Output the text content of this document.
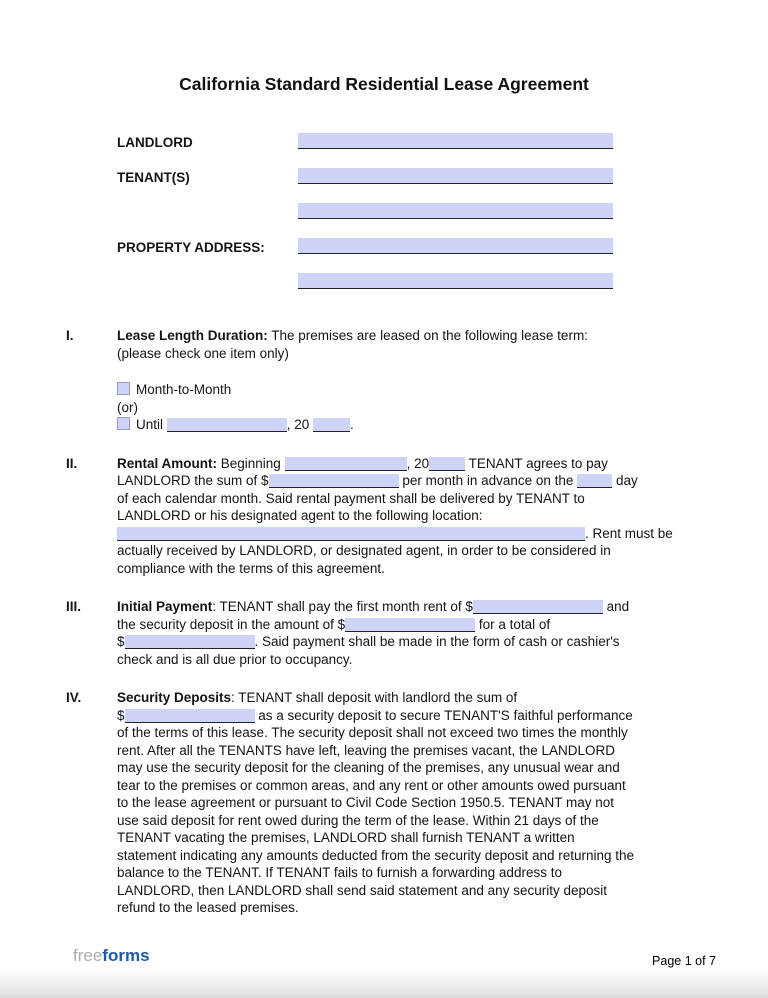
California Standard Residential Lease Agreement
LANDLORD
TENANT(S)
PROPERTY ADDRESS:
I.	Lease Length Duration: The premises are leased on the following lease term:
(please check one item only)
Month-to-Month
(or)
Until	, 20	.
II.	Rental Amount: Beginning	, 20	TENANT agrees to pay
LANDLORD the sum of $	per month in advance on the	day
of each calendar month. Said rental payment shall be delivered by TENANT to
LANDLORD or his designated agent to the following location:
. Rent must be
actually received by LANDLORD, or designated agent, in order to be considered in
compliance with the terms of this agreement.
III.	Initial Payment: TENANT shall pay the first month rent of $	and
the security deposit in the amount of $	for a total of
$	. Said payment shall be made in the form of cash or cashier's
check and is all due prior to occupancy.
IV.	Security Deposits: TENANT shall deposit with landlord the sum of
$	as a security deposit to secure TENANT'S faithful performance
of the terms of this lease. The security deposit shall not exceed two times the monthly
rent. After all the TENANTS have left, leaving the premises vacant, the LANDLORD
may use the security deposit for the cleaning of the premises, any unusual wear and
tear to the premises or common areas, and any rent or other amounts owed pursuant
to the lease agreement or pursuant to Civil Code Section 1950.5. TENANT may not
use said deposit for rent owed during the term of the lease. Within 21 days of the
TENANT vacating the premises, LANDLORD shall furnish TENANT a written
statement indicating any amounts deducted from the security deposit and returning the
balance to the TENANT. If TENANT fails to furnish a forwarding address to
LANDLORD, then LANDLORD shall send said statement and any security deposit
refund to the leased premises.
freeforms	Page 1 of 7
